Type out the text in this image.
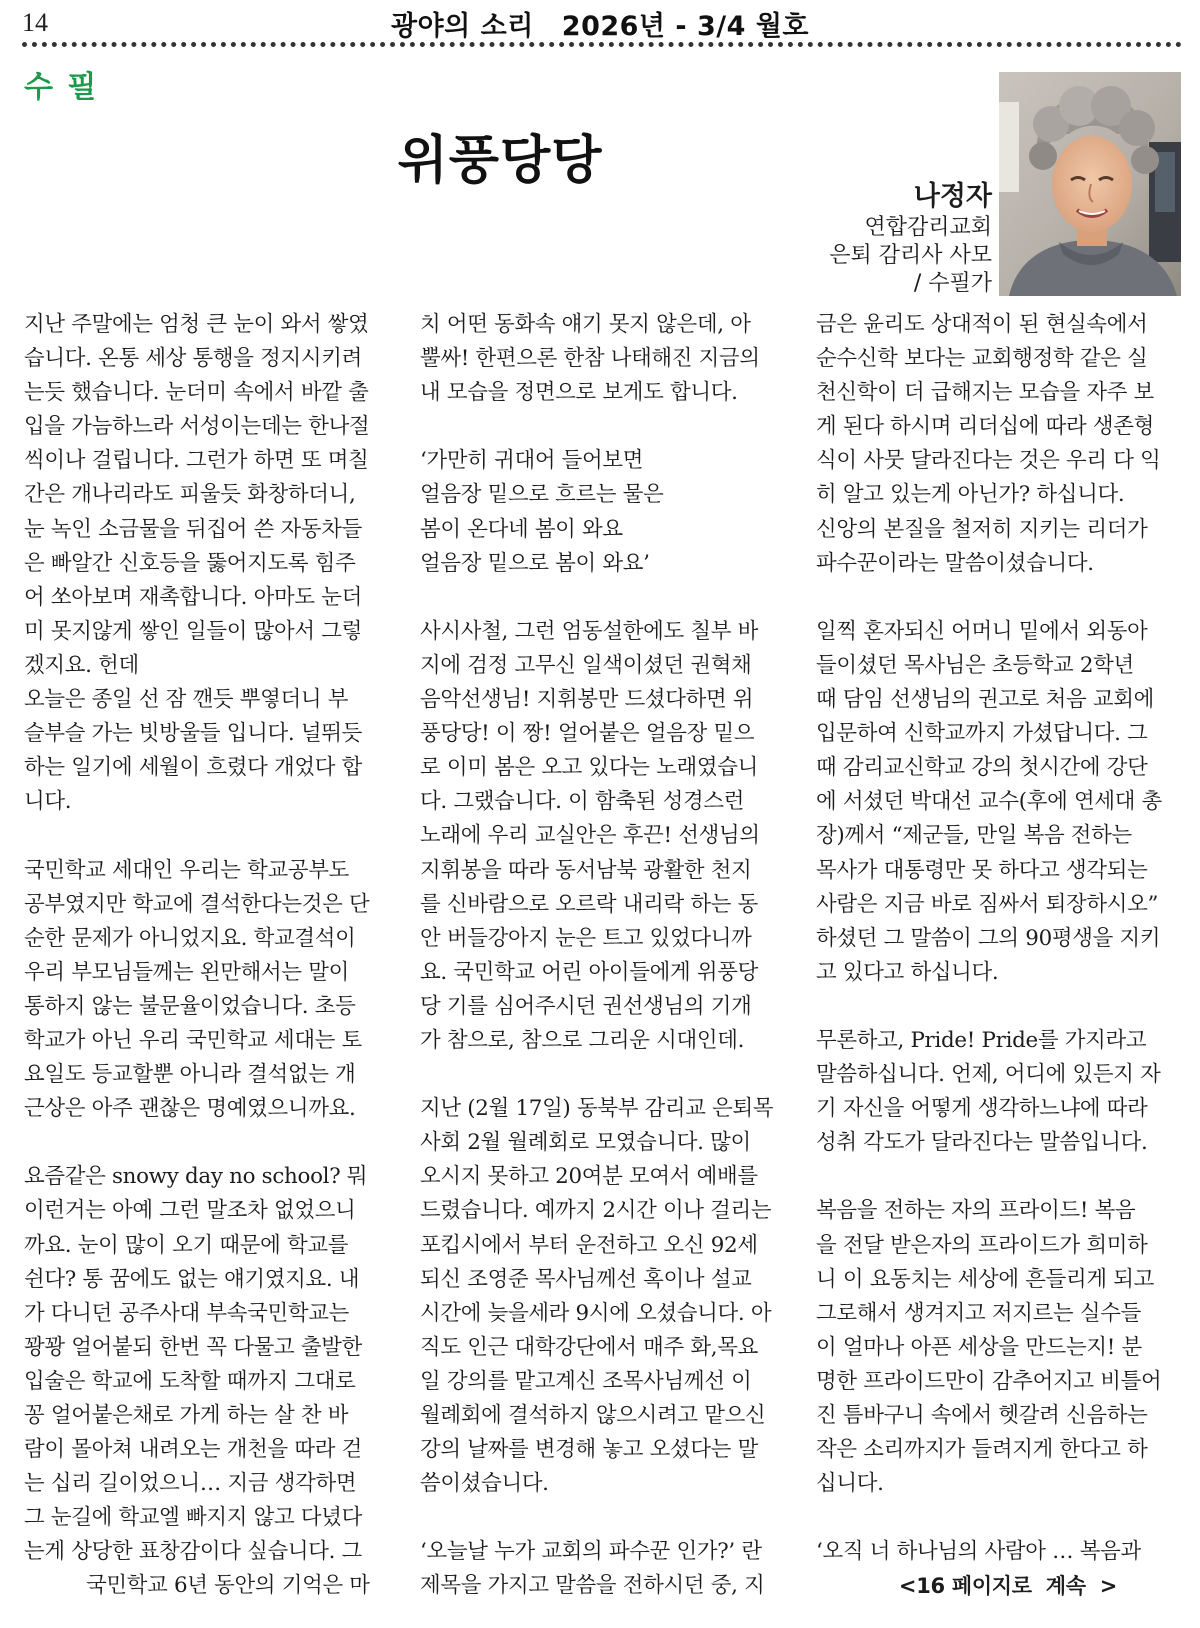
14	광야의 소리 2026년 - 3/4 월호
수 필
위풍당당
나정자
연합감리교회
은퇴 감리사 사모
/ 수필가
지난 주말에는 엄청 큰 눈이 와서 쌓였
습니다. 온통 세상 통행을 정지시키려
는듯 했습니다. 눈더미 속에서 바깥 출
입을 가늠하느라 서성이는데는 한나절
씩이나 걸립니다. 그런가 하면 또 며칠
간은 개나리라도 피울듯 화창하더니,
눈 녹인 소금물을 뒤집어 쓴 자동차들
은 빠알간 신호등을 뚫어지도록 힘주
어 쏘아보며 재촉합니다. 아마도 눈더
미 못지않게 쌓인 일들이 많아서 그렇
겠지요. 헌데
오늘은 종일 선 잠 깬듯 뿌옇더니 부
슬부슬 가는 빗방울들 입니다. 널뛰듯
하는 일기에 세월이 흐렸다 개었다 합
니다.
국민학교 세대인 우리는 학교공부도
공부였지만 학교에 결석한다는것은 단
순한 문제가 아니었지요. 학교결석이
우리 부모님들께는 왼만해서는 말이
통하지 않는 불문율이었습니다. 초등
학교가 아닌 우리 국민학교 세대는 토
요일도 등교할뿐 아니라 결석없는 개
근상은 아주 괜찮은 명예였으니까요.
요즘같은 snowy day no school? 뭐
이런거는 아예 그런 말조차 없었으니
까요. 눈이 많이 오기 때문에 학교를
쉰다? 통 꿈에도 없는 얘기였지요. 내
가 다니던 공주사대 부속국민학교는
꽝꽝 얼어붙되 한번 꼭 다물고 출발한
입술은 학교에 도착할 때까지 그대로
꽁 얼어붙은채로 가게 하는 살 찬 바
람이 몰아쳐 내려오는 개천을 따라 걷
는 십리 길이었으니… 지금 생각하면
그 눈길에 학교엘 빠지지 않고 다녔다
는게 상당한 표창감이다 싶습니다. 그
국민학교 6년 동안의 기억은 마
치 어떤 동화속 얘기 못지 않은데, 아
뿔싸! 한편으론 한참 나태해진 지금의
내 모습을 정면으로 보게도 합니다.
‘가만히 귀대어 들어보면
얼음장 밑으로 흐르는 물은
봄이 온다네 봄이 와요
얼음장 밑으로 봄이 와요’
사시사철, 그런 엄동설한에도 칠부 바
지에 검정 고무신 일색이셨던 권혁채
음악선생님! 지휘봉만 드셨다하면 위
풍당당! 이 짱! 얼어붙은 얼음장 밑으
로 이미 봄은 오고 있다는 노래였습니
다. 그랬습니다. 이 함축된 성경스런
노래에 우리 교실안은 후끈! 선생님의
지휘봉을 따라 동서남북 광활한 천지
를 신바람으로 오르락 내리락 하는 동
안 버들강아지 눈은 트고 있었다니까
요. 국민학교 어린 아이들에게 위풍당
당 기를 심어주시던 권선생님의 기개
가 참으로, 참으로 그리운 시대인데.
지난 (2월 17일) 동북부 감리교 은퇴목
사회 2월 월례회로 모였습니다. 많이
오시지 못하고 20여분 모여서 예배를
드렸습니다. 예까지 2시간 이나 걸리는
포킵시에서 부터 운전하고 오신 92세
되신 조영준 목사님께선 혹이나 설교
시간에 늦을세라 9시에 오셨습니다. 아
직도 인근 대학강단에서 매주 화,목요
일 강의를 맡고계신 조목사님께선 이
월례회에 결석하지 않으시려고 맡으신
강의 날짜를 변경해 놓고 오셨다는 말
씀이셨습니다.
‘오늘날 누가 교회의 파수꾼 인가?’ 란
제목을 가지고 말씀을 전하시던 중, 지
금은 윤리도 상대적이 된 현실속에서
순수신학 보다는 교회행정학 같은 실
천신학이 더 급해지는 모습을 자주 보
게 된다 하시며 리더십에 따라 생존형
식이 사뭇 달라진다는 것은 우리 다 익
히 알고 있는게 아닌가? 하십니다.
신앙의 본질을 철저히 지키는 리더가
파수꾼이라는 말씀이셨습니다.
일찍 혼자되신 어머니 밑에서 외동아
들이셨던 목사님은 초등학교 2학년
때 담임 선생님의 권고로 처음 교회에
입문하여 신학교까지 가셨답니다. 그
때 감리교신학교 강의 첫시간에 강단
에 서셨던 박대선 교수(후에 연세대 총
장)께서 “제군들, 만일 복음 전하는
목사가 대통령만 못 하다고 생각되는
사람은 지금 바로 짐싸서 퇴장하시오”
하셨던 그 말씀이 그의 90평생을 지키
고 있다고 하십니다.
무론하고, Pride! Pride를 가지라고
말씀하십니다. 언제, 어디에 있든지 자
기 자신을 어떻게 생각하느냐에 따라
성취 각도가 달라진다는 말씀입니다.
복음을 전하는 자의 프라이드! 복음
을 전달 받은자의 프라이드가 희미하
니 이 요동치는 세상에 흔들리게 되고
그로해서 생겨지고 저지르는 실수들
이 얼마나 아픈 세상을 만드는지! 분
명한 프라이드만이 감추어지고 비틀어
진 틈바구니 속에서 헷갈려 신음하는
작은 소리까지가 들려지게 한다고 하
십니다.
‘오직 너 하나님의 사람아 … 복음과
<16 페이지로 계속 >
